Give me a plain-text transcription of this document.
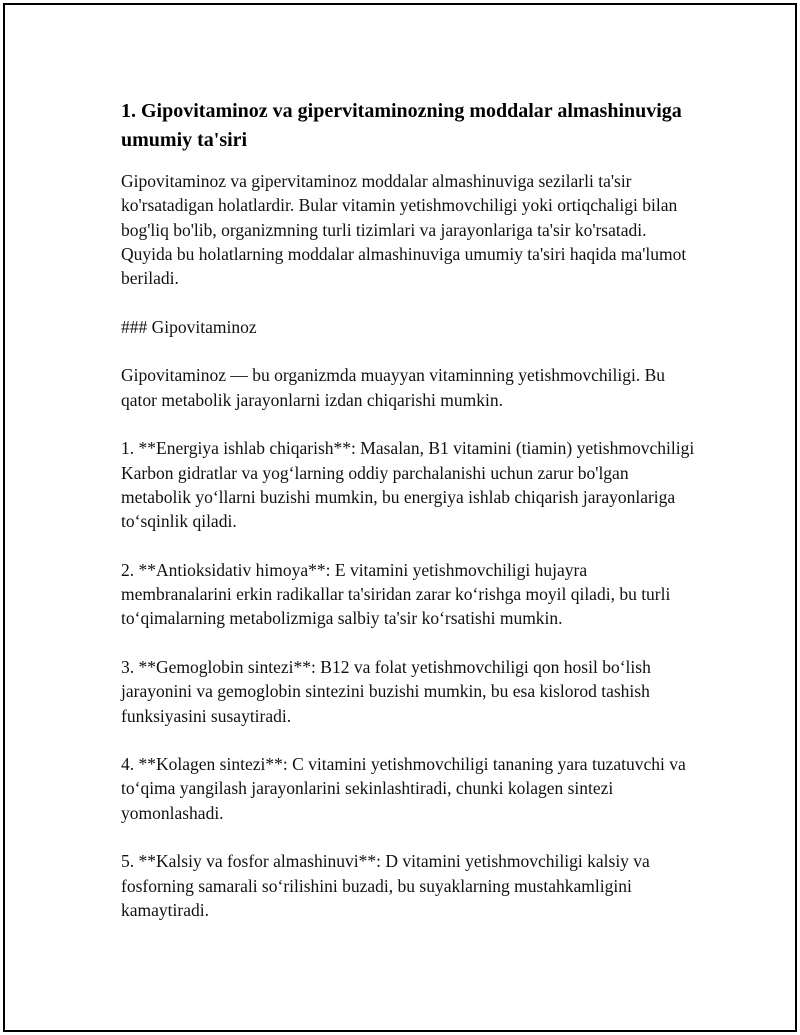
1. Gipovitaminoz va gipervitaminozning moddalar almashinuviga umumiy ta'siri

Gipovitaminoz va gipervitaminoz moddalar almashinuviga sezilarli ta'sir ko'rsatadigan holatlardir. Bular vitamin yetishmovchiligi yoki ortiqchaligi bilan bog'liq bo'lib, organizmning turli tizimlari va jarayonlariga ta'sir ko'rsatadi. Quyida bu holatlarning moddalar almashinuviga umumiy ta'siri haqida ma'lumot beriladi.

### Gipovitaminoz

Gipovitaminoz — bu organizmda muayyan vitaminning yetishmovchiligi. Bu qator metabolik jarayonlarni izdan chiqarishi mumkin.

1. **Energiya ishlab chiqarish**: Masalan, B1 vitamini (tiamin) yetishmovchiligi Karbon gidratlar va yog‘larning oddiy parchalanishi uchun zarur bo'lgan metabolik yo‘llarni buzishi mumkin, bu energiya ishlab chiqarish jarayonlariga to‘sqinlik qiladi.

2. **Antioksidativ himoya**: E vitamini yetishmovchiligi hujayra membranalarini erkin radikallar ta'siridan zarar ko‘rishga moyil qiladi, bu turli to‘qimalarning metabolizmiga salbiy ta'sir ko‘rsatishi mumkin.

3. **Gemoglobin sintezi**: B12 va folat yetishmovchiligi qon hosil bo‘lish jarayonini va gemoglobin sintezini buzishi mumkin, bu esa kislorod tashish funksiyasini susaytiradi.

4. **Kolagen sintezi**: C vitamini yetishmovchiligi tananing yara tuzatuvchi va to‘qima yangilash jarayonlarini sekinlashtiradi, chunki kolagen sintezi yomonlashadi.

5. **Kalsiy va fosfor almashinuvi**: D vitamini yetishmovchiligi kalsiy va fosforning samarali so‘rilishini buzadi, bu suyaklarning mustahkamligini kamaytiradi.
